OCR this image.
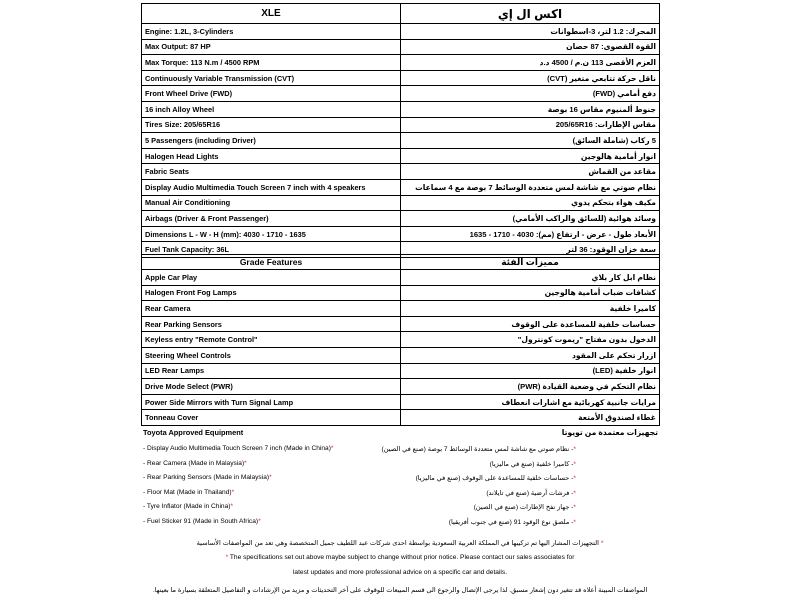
XLE	اكس ال إي
Engine: 1.2L, 3-Cylinders	المحرك: 1.2 لتر، 3-اسطوانات
Max Output: 87 HP	القوة القصوى: 87 حصان
Max Torque: 113 N.m / 4500 RPM	العزم الأقصى 113 ن.م / 4500 د.د
Continuously Variable Transmission (CVT)	ناقل حركة تتابعي متغير (CVT)
Front Wheel Drive (FWD)	دفع أمامي (FWD)
16 inch Alloy Wheel	جنوط ألمنيوم مقاس 16 بوصة
Tires Size: 205/65R16	مقاس الإطارات: 205/65R16
5 Passengers (including Driver)	5 ركاب (شاملة السائق)
Halogen Head Lights	انوار أمامية هالوجين
Fabric Seats	مقاعد من القماش
Display Audio Multimedia Touch Screen 7 inch with 4 speakers	نظام صوتي مع شاشة لمس متعددة الوسائط 7 بوصة مع 4 سماعات
Manual Air Conditioning	مكيف هواء بتحكم يدوي
Airbags (Driver & Front Passenger)	وسائد هوائية (للسائق والراكب الأمامي)
Dimensions L - W - H (mm): 4030 - 1710 - 1635	الأبعاد طول - عرض - ارتفاع (مم): 4030 - 1710 - 1635
Fuel Tank Capacity: 36L	سعة خزان الوقود: 36 لتر
Grade Features	مميزات الفئة
Apple Car Play	نظام ابل كار بلاي
Halogen Front Fog Lamps	كشافات ضباب أمامية هالوجين
Rear Camera	كاميرا خلفية
Rear Parking Sensors	حساسات خلفية للمساعدة على الوقوف
Keyless entry "Remote Control"	الدخول بدون مفتاح "ريموت كونترول"
Steering Wheel Controls	ازرار تحكم على المقود
LED Rear Lamps	انوار خلفية (LED)
Drive Mode Select (PWR)	نظام التحكم في وضعية القيادة (PWR)
Power Side Mirrors with Turn Signal Lamp	مرايات جانبية كهربائية مع اشارات انعطاف
Tonneau Cover	غطاء لصندوق الأمتعة
Toyota Approved Equipment	تجهيزات معتمدة من تويوتا
- Display Audio Multimedia Touch Screen 7 inch (Made in China)*	*- نظام صوتي مع شاشة لمس متعددة الوسائط 7 بوصة (صنع في الصين)
- Rear Camera (Made in Malaysia)*	*- كاميرا خلفية (صنع في ماليزيا)
- Rear Parking Sensors (Made in Malaysia)*	*- حساسات خلفية للمساعدة على الوقوف (صنع في ماليزيا)
- Floor Mat (Made in Thailand)*	*- فرشات أرضية (صنع في تايلاند)
- Tyre Inflator (Made in China)*	*- جهاز نفخ الإطارات (صنع في الصين)
- Fuel Sticker 91 (Made in South Africa)*	*- ملصق نوع الوقود 91 (صنع في جنوب أفريقيا)
* التجهيزات المشار اليها تم تركيبها في المملكة العربية السعودية بواسطة احدى شركات عبد اللطيف جميل المتخصصة وهي تعد من المواصفات الأساسية
* The specifications set out above maybe subject to change without prior notice. Please contact our sales associates for
latest updates and more professional advice on a specific car and details.
المواصفات المبينة أعلاه قد تتغير دون إشعار مسبق. لذا يرجى الإتصال والرجوع الى قسم المبيعات للوقوف على آخر التحديثات و مزيد من الإرشادات و التفاصيل المتعلقة بسيارة ما بعينها.
